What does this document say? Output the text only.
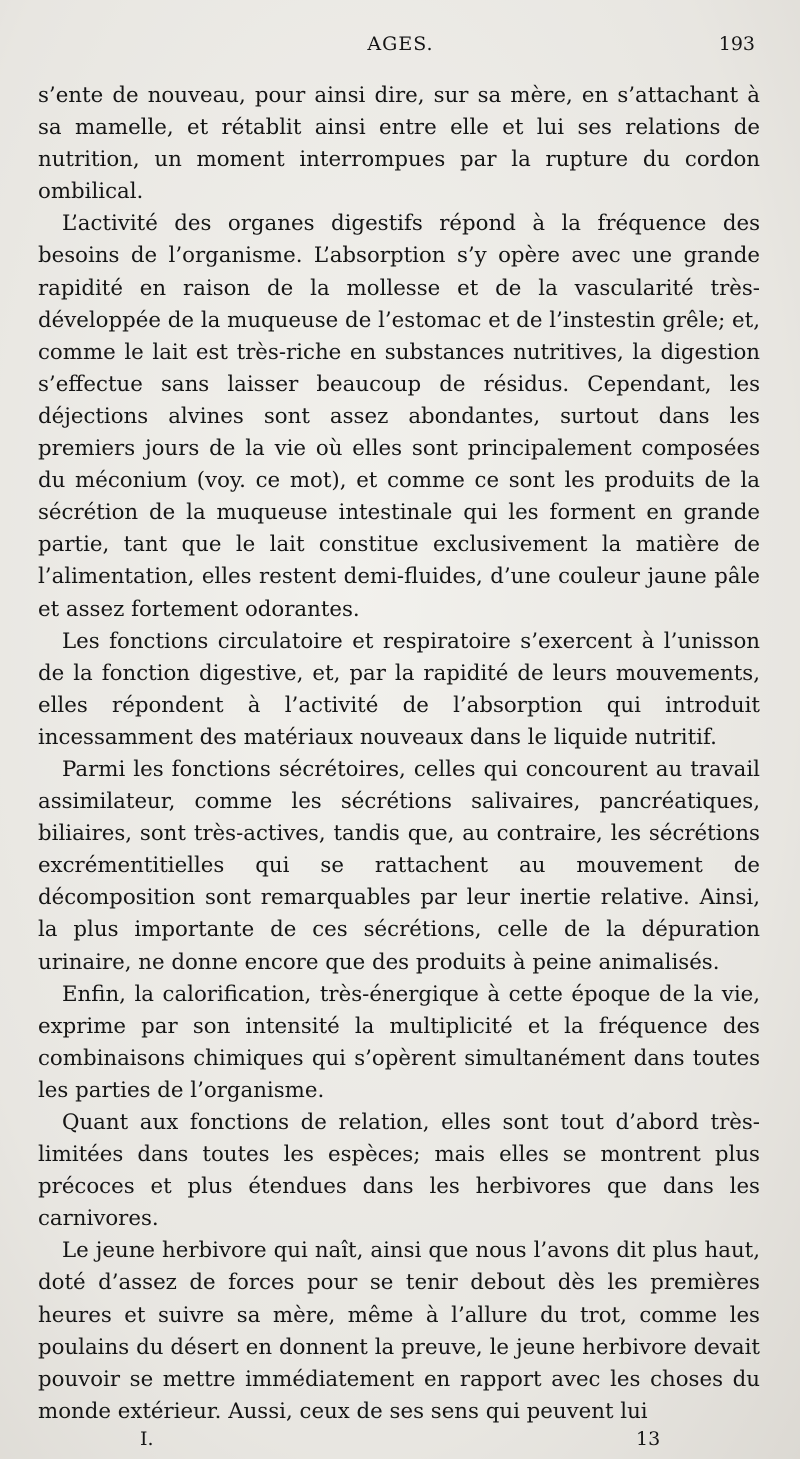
AGES.	193

s’ente de nouveau, pour ainsi dire, sur sa mère, en s’attachant à sa mamelle, et rétablit ainsi entre elle et lui ses relations de nutrition, un moment interrompues par la rupture du cordon ombilical.

L’activité des organes digestifs répond à la fréquence des besoins de l’organisme. L’absorption s’y opère avec une grande rapidité en raison de la mollesse et de la vascularité très-développée de la muqueuse de l’estomac et de l’instestin grêle; et, comme le lait est très-riche en substances nutritives, la digestion s’effectue sans laisser beaucoup de résidus. Cependant, les déjections alvines sont assez abondantes, surtout dans les premiers jours de la vie où elles sont principalement composées du méconium (voy. ce mot), et comme ce sont les produits de la sécrétion de la muqueuse intestinale qui les forment en grande partie, tant que le lait constitue exclusivement la matière de l’alimentation, elles restent demi-fluides, d’une couleur jaune pâle et assez fortement odorantes.

Les fonctions circulatoire et respiratoire s’exercent à l’unisson de la fonction digestive, et, par la rapidité de leurs mouvements, elles répondent à l’activité de l’absorption qui introduit incessamment des matériaux nouveaux dans le liquide nutritif.

Parmi les fonctions sécrétoires, celles qui concourent au travail assimilateur, comme les sécrétions salivaires, pancréatiques, biliaires, sont très-actives, tandis que, au contraire, les sécrétions excrémentitielles qui se rattachent au mouvement de décomposition sont remarquables par leur inertie relative. Ainsi, la plus importante de ces sécrétions, celle de la dépuration urinaire, ne donne encore que des produits à peine animalisés.

Enfin, la calorification, très-énergique à cette époque de la vie, exprime par son intensité la multiplicité et la fréquence des combinaisons chimiques qui s’opèrent simultanément dans toutes les parties de l’organisme.

Quant aux fonctions de relation, elles sont tout d’abord très-limitées dans toutes les espèces; mais elles se montrent plus précoces et plus étendues dans les herbivores que dans les carnivores.

Le jeune herbivore qui naît, ainsi que nous l’avons dit plus haut, doté d’assez de forces pour se tenir debout dès les premières heures et suivre sa mère, même à l’allure du trot, comme les poulains du désert en donnent la preuve, le jeune herbivore devait pouvoir se mettre immédiatement en rapport avec les choses du monde extérieur. Aussi, ceux de ses sens qui peuvent lui

I.	13
